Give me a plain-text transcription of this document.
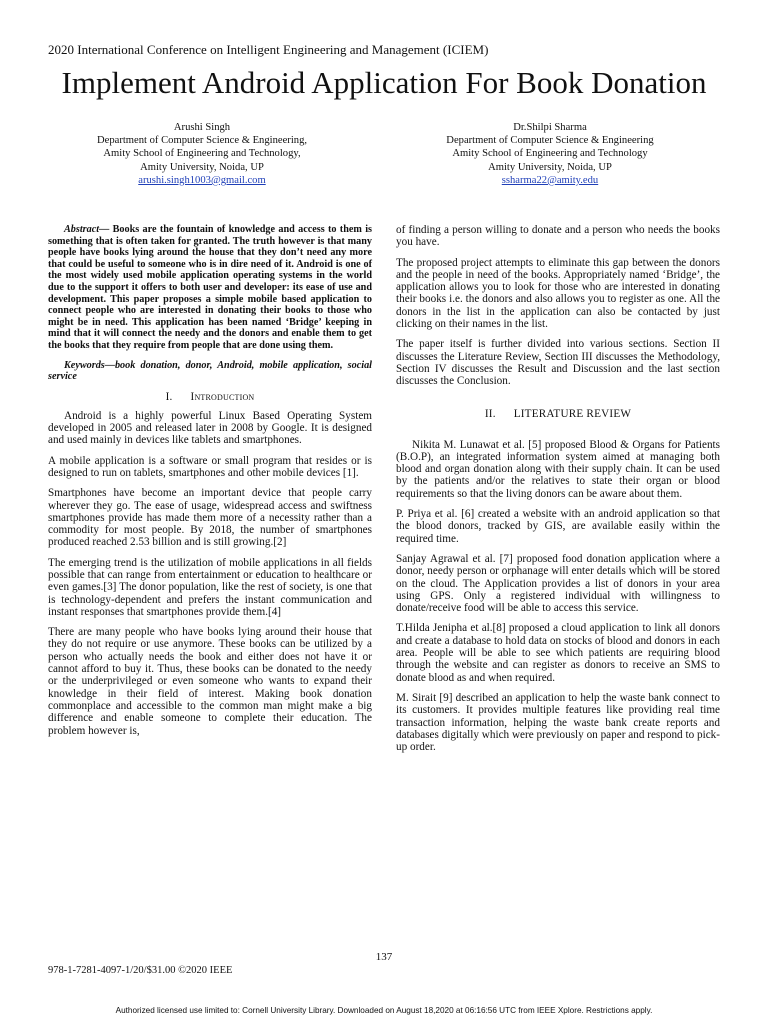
2020 International Conference on Intelligent Engineering and Management (ICIEM)
Implement Android Application For Book Donation
Arushi Singh
Department of Computer Science & Engineering,
Amity School of Engineering and Technology,
Amity University, Noida, UP
arushi.singh1003@gmail.com
Dr.Shilpi Sharma
Department of Computer Science & Engineering
Amity School of Engineering and Technology
Amity University, Noida, UP
ssharma22@amity.edu

Abstract— Books are the fountain of knowledge and access to them is something that is often taken for granted. The truth however is that many people have books lying around the house that they don’t need any more that could be useful to someone who is in dire need of it. Android is one of the most widely used mobile application operating systems in the world due to the support it offers to both user and developer: its ease of use and development. This paper proposes a simple mobile based application to connect people who are interested in donating their books to those who might be in need. This application has been named ‘Bridge’ keeping in mind that it will connect the needy and the donors and enable them to get the books that they require from people that are done using them.

Keywords—book donation, donor, Android, mobile application, social service

I. Introduction

Android is a highly powerful Linux Based Operating System developed in 2005 and released later in 2008 by Google. It is designed and used mainly in devices like tablets and smartphones.

A mobile application is a software or small program that resides or is designed to run on tablets, smartphones and other mobile devices [1].

Smartphones have become an important device that people carry wherever they go. The ease of usage, widespread access and swiftness smartphones provide has made them more of a necessity rather than a commodity for most people. By 2018, the number of smartphones produced reached 2.53 billion and is still growing.[2]

The emerging trend is the utilization of mobile applications in all fields possible that can range from entertainment or education to healthcare or even games.[3] The donor population, like the rest of society, is one that is technology-dependent and prefers the instant communication and instant responses that smartphones provide them.[4]

There are many people who have books lying around their house that they do not require or use anymore. These books can be utilized by a person who actually needs the book and either does not have it or cannot afford to buy it. Thus, these books can be donated to the needy or the underprivileged or even someone who wants to expand their knowledge in their field of interest. Making book donation commonplace and accessible to the common man might make a big difference and enable someone to complete their education. The problem however is,

of finding a person willing to donate and a person who needs the books you have.

The proposed project attempts to eliminate this gap between the donors and the people in need of the books. Appropriately named ‘Bridge’, the application allows you to look for those who are interested in donating their books i.e. the donors and also allows you to register as one. All the donors in the list in the application can also be contacted by just clicking on their names in the list.

The paper itself is further divided into various sections. Section II discusses the Literature Review, Section III discusses the Methodology, Section IV discusses the Result and Discussion and the last section discusses the Conclusion.

II. LITERATURE REVIEW

Nikita M. Lunawat et al. [5] proposed Blood & Organs for Patients (B.O.P), an integrated information system aimed at managing both blood and organ donation along with their supply chain. It can be used by the patients and/or the relatives to state their organ or blood requirements so that the living donors can be aware about them.

P. Priya et al. [6] created a website with an android application so that the blood donors, tracked by GIS, are available easily within the required time.

Sanjay Agrawal et al. [7] proposed food donation application where a donor, needy person or orphanage will enter details which will be stored on the cloud. The Application provides a list of donors in your area using GPS. Only a registered individual with willingness to donate/receive food will be able to access this service.

T.Hilda Jenipha et al.[8] proposed a cloud application to link all donors and create a database to hold data on stocks of blood and donors in each area. People will be able to see which patients are requiring blood through the website and can register as donors to receive an SMS to donate blood as and when required.

M. Sirait [9] described an application to help the waste bank connect to its customers. It provides multiple features like providing real time transaction information, helping the waste bank create reports and databases digitally which were previously on paper and respond to pick-up order.

137
978-1-7281-4097-1/20/$31.00 ©2020 IEEE
Authorized licensed use limited to: Cornell University Library. Downloaded on August 18,2020 at 06:16:56 UTC from IEEE Xplore. Restrictions apply.
